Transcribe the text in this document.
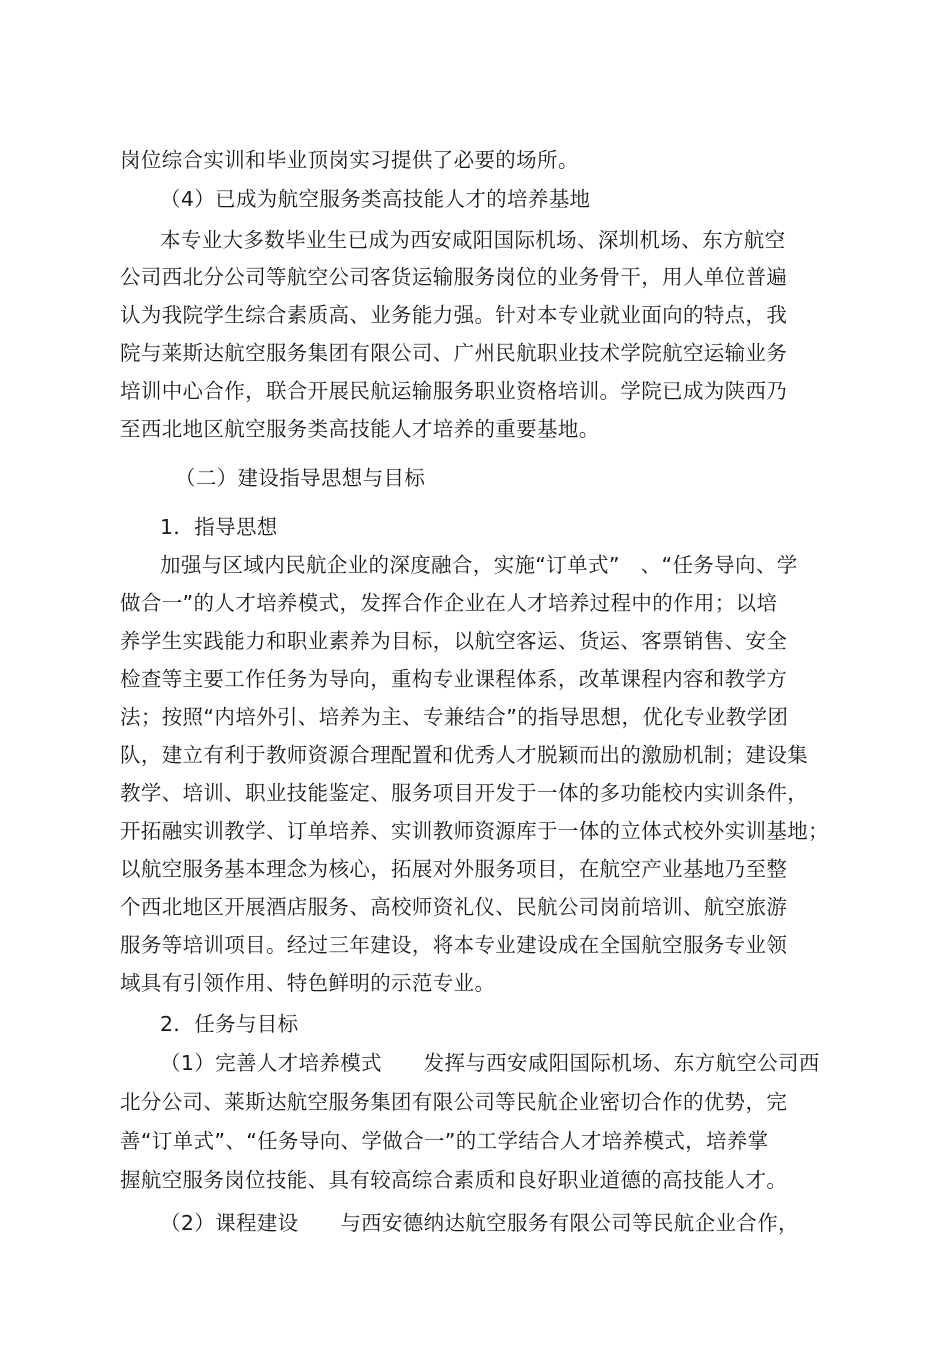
岗位综合实训和毕业顶岗实习提供了必要的场所。
（4）已成为航空服务类高技能人才的培养基地
本专业大多数毕业生已成为西安咸阳国际机场、深圳机场、东方航空
公司西北分公司等航空公司客货运输服务岗位的业务骨干，用人单位普遍
认为我院学生综合素质高、业务能力强。针对本专业就业面向的特点，我
院与莱斯达航空服务集团有限公司、广州民航职业技术学院航空运输业务
培训中心合作，联合开展民航运输服务职业资格培训。学院已成为陕西乃
至西北地区航空服务类高技能人才培养的重要基地。
（二）建设指导思想与目标
1．指导思想
加强与区域内民航企业的深度融合，实施“订单式”　、“任务导向、学
做合一”的人才培养模式，发挥合作企业在人才培养过程中的作用；以培
养学生实践能力和职业素养为目标，以航空客运、货运、客票销售、安全
检查等主要工作任务为导向，重构专业课程体系，改革课程内容和教学方
法；按照“内培外引、培养为主、专兼结合”的指导思想，优化专业教学团
队，建立有利于教师资源合理配置和优秀人才脱颖而出的激励机制；建设集
教学、培训、职业技能鉴定、服务项目开发于一体的多功能校内实训条件，
开拓融实训教学、订单培养、实训教师资源库于一体的立体式校外实训基地；
以航空服务基本理念为核心，拓展对外服务项目，在航空产业基地乃至整
个西北地区开展酒店服务、高校师资礼仪、民航公司岗前培训、航空旅游
服务等培训项目。经过三年建设，将本专业建设成在全国航空服务专业领
域具有引领作用、特色鲜明的示范专业。
2．任务与目标
（1）完善人才培养模式　　发挥与西安咸阳国际机场、东方航空公司西
北分公司、莱斯达航空服务集团有限公司等民航企业密切合作的优势，完
善“订单式”、“任务导向、学做合一”的工学结合人才培养模式，培养掌
握航空服务岗位技能、具有较高综合素质和良好职业道德的高技能人才。
（2）课程建设　　与西安德纳达航空服务有限公司等民航企业合作，
